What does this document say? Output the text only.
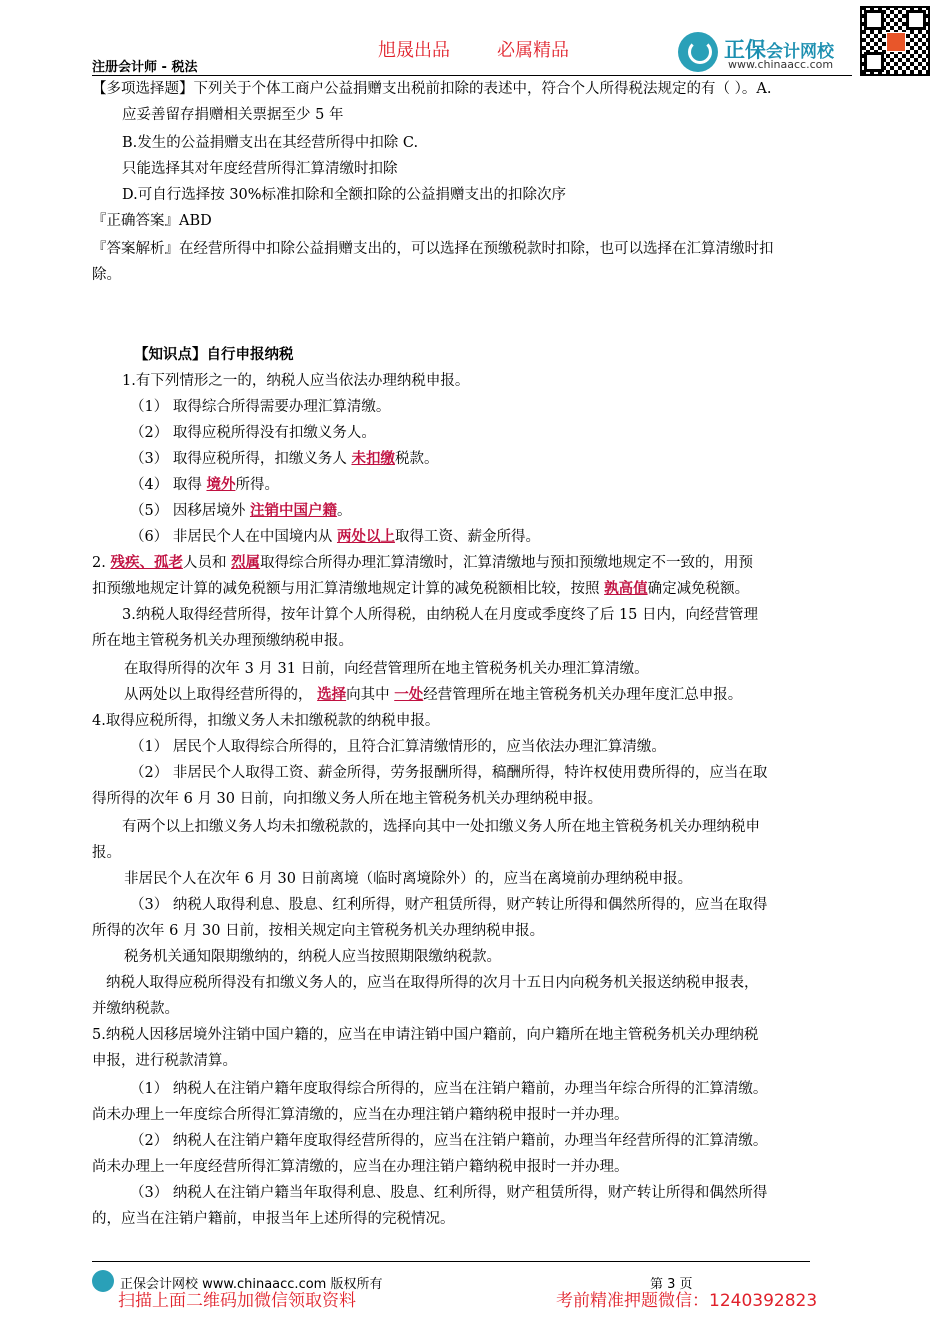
旭晟出品	必属精品
注册会计师 - 税法
正保会计网校
www.chinaacc.com
【多项选择题】下列关于个体工商户公益捐赠支出税前扣除的表述中，符合个人所得税法规定的有（ ）。A.
应妥善留存捐赠相关票据至少 5 年
B.发生的公益捐赠支出在其经营所得中扣除 C.
只能选择其对年度经营所得汇算清缴时扣除
D.可自行选择按 30%标准扣除和全额扣除的公益捐赠支出的扣除次序
『正确答案』ABD
『答案解析』在经营所得中扣除公益捐赠支出的，可以选择在预缴税款时扣除，也可以选择在汇算清缴时扣
除。
【知识点】自行申报纳税
1.有下列情形之一的，纳税人应当依法办理纳税申报。
（1） 取得综合所得需要办理汇算清缴。
（2） 取得应税所得没有扣缴义务人。
（3） 取得应税所得，扣缴义务人 未扣缴税款。
（4） 取得 境外所得。
（5） 因移居境外 注销中国户籍。
（6） 非居民个人在中国境内从 两处以上取得工资、薪金所得。
2. 残疾、孤老人员和 烈属取得综合所得办理汇算清缴时，汇算清缴地与预扣预缴地规定不一致的，用预
扣预缴地规定计算的减免税额与用汇算清缴地规定计算的减免税额相比较，按照 孰高值确定减免税额。
3.纳税人取得经营所得，按年计算个人所得税，由纳税人在月度或季度终了后 15 日内，向经营管理
所在地主管税务机关办理预缴纳税申报。
在取得所得的次年 3 月 31 日前，向经营管理所在地主管税务机关办理汇算清缴。
从两处以上取得经营所得的， 选择向其中 一处经营管理所在地主管税务机关办理年度汇总申报。
4.取得应税所得，扣缴义务人未扣缴税款的纳税申报。
（1） 居民个人取得综合所得的，且符合汇算清缴情形的，应当依法办理汇算清缴。
（2） 非居民个人取得工资、薪金所得，劳务报酬所得，稿酬所得，特许权使用费所得的，应当在取
得所得的次年 6 月 30 日前，向扣缴义务人所在地主管税务机关办理纳税申报。
有两个以上扣缴义务人均未扣缴税款的，选择向其中一处扣缴义务人所在地主管税务机关办理纳税申
报。
非居民个人在次年 6 月 30 日前离境（临时离境除外）的，应当在离境前办理纳税申报。
（3） 纳税人取得利息、股息、红利所得，财产租赁所得，财产转让所得和偶然所得的，应当在取得
所得的次年 6 月 30 日前，按相关规定向主管税务机关办理纳税申报。
税务机关通知限期缴纳的，纳税人应当按照期限缴纳税款。
纳税人取得应税所得没有扣缴义务人的，应当在取得所得的次月十五日内向税务机关报送纳税申报表，
并缴纳税款。
5.纳税人因移居境外注销中国户籍的，应当在申请注销中国户籍前，向户籍所在地主管税务机关办理纳税
申报，进行税款清算。
（1） 纳税人在注销户籍年度取得综合所得的，应当在注销户籍前，办理当年综合所得的汇算清缴。
尚未办理上一年度综合所得汇算清缴的，应当在办理注销户籍纳税申报时一并办理。
（2） 纳税人在注销户籍年度取得经营所得的，应当在注销户籍前，办理当年经营所得的汇算清缴。
尚未办理上一年度经营所得汇算清缴的，应当在办理注销户籍纳税申报时一并办理。
（3） 纳税人在注销户籍当年取得利息、股息、红利所得，财产租赁所得，财产转让所得和偶然所得
的，应当在注销户籍前，申报当年上述所得的完税情况。
正保会计网校 www.chinaacc.com 版权所有	第 3 页
扫描上面二维码加微信领取资料	考前精准押题微信：1240392823
